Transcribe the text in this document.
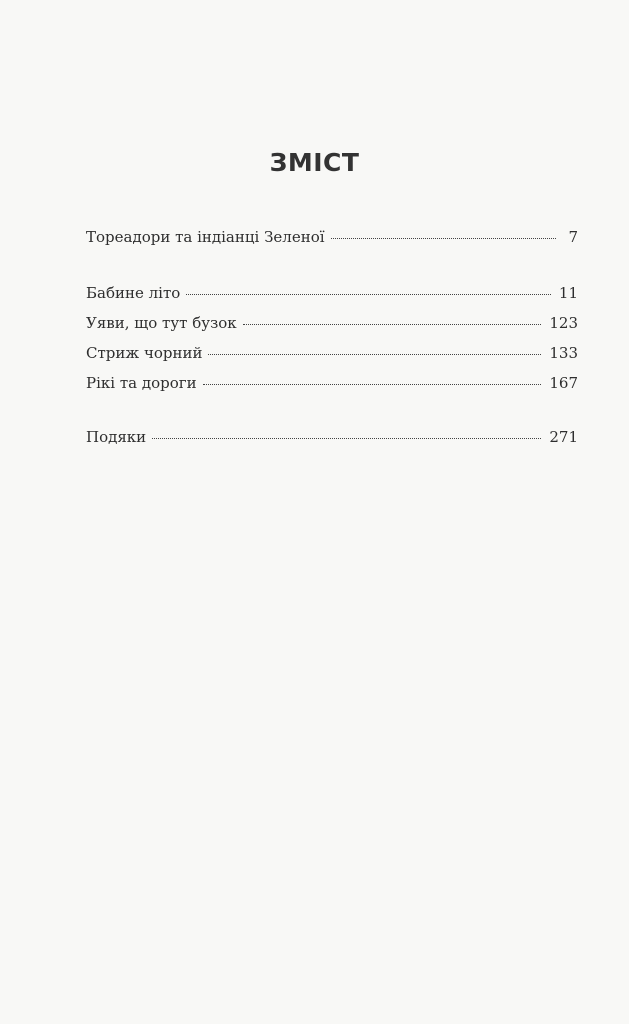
ЗМІСТ
Тореадори та індіанці Зеленої	7
Бабине літо	11
Уяви, що тут бузок	123
Стриж чорний	133
Рікі та дороги	167
Подяки	271
